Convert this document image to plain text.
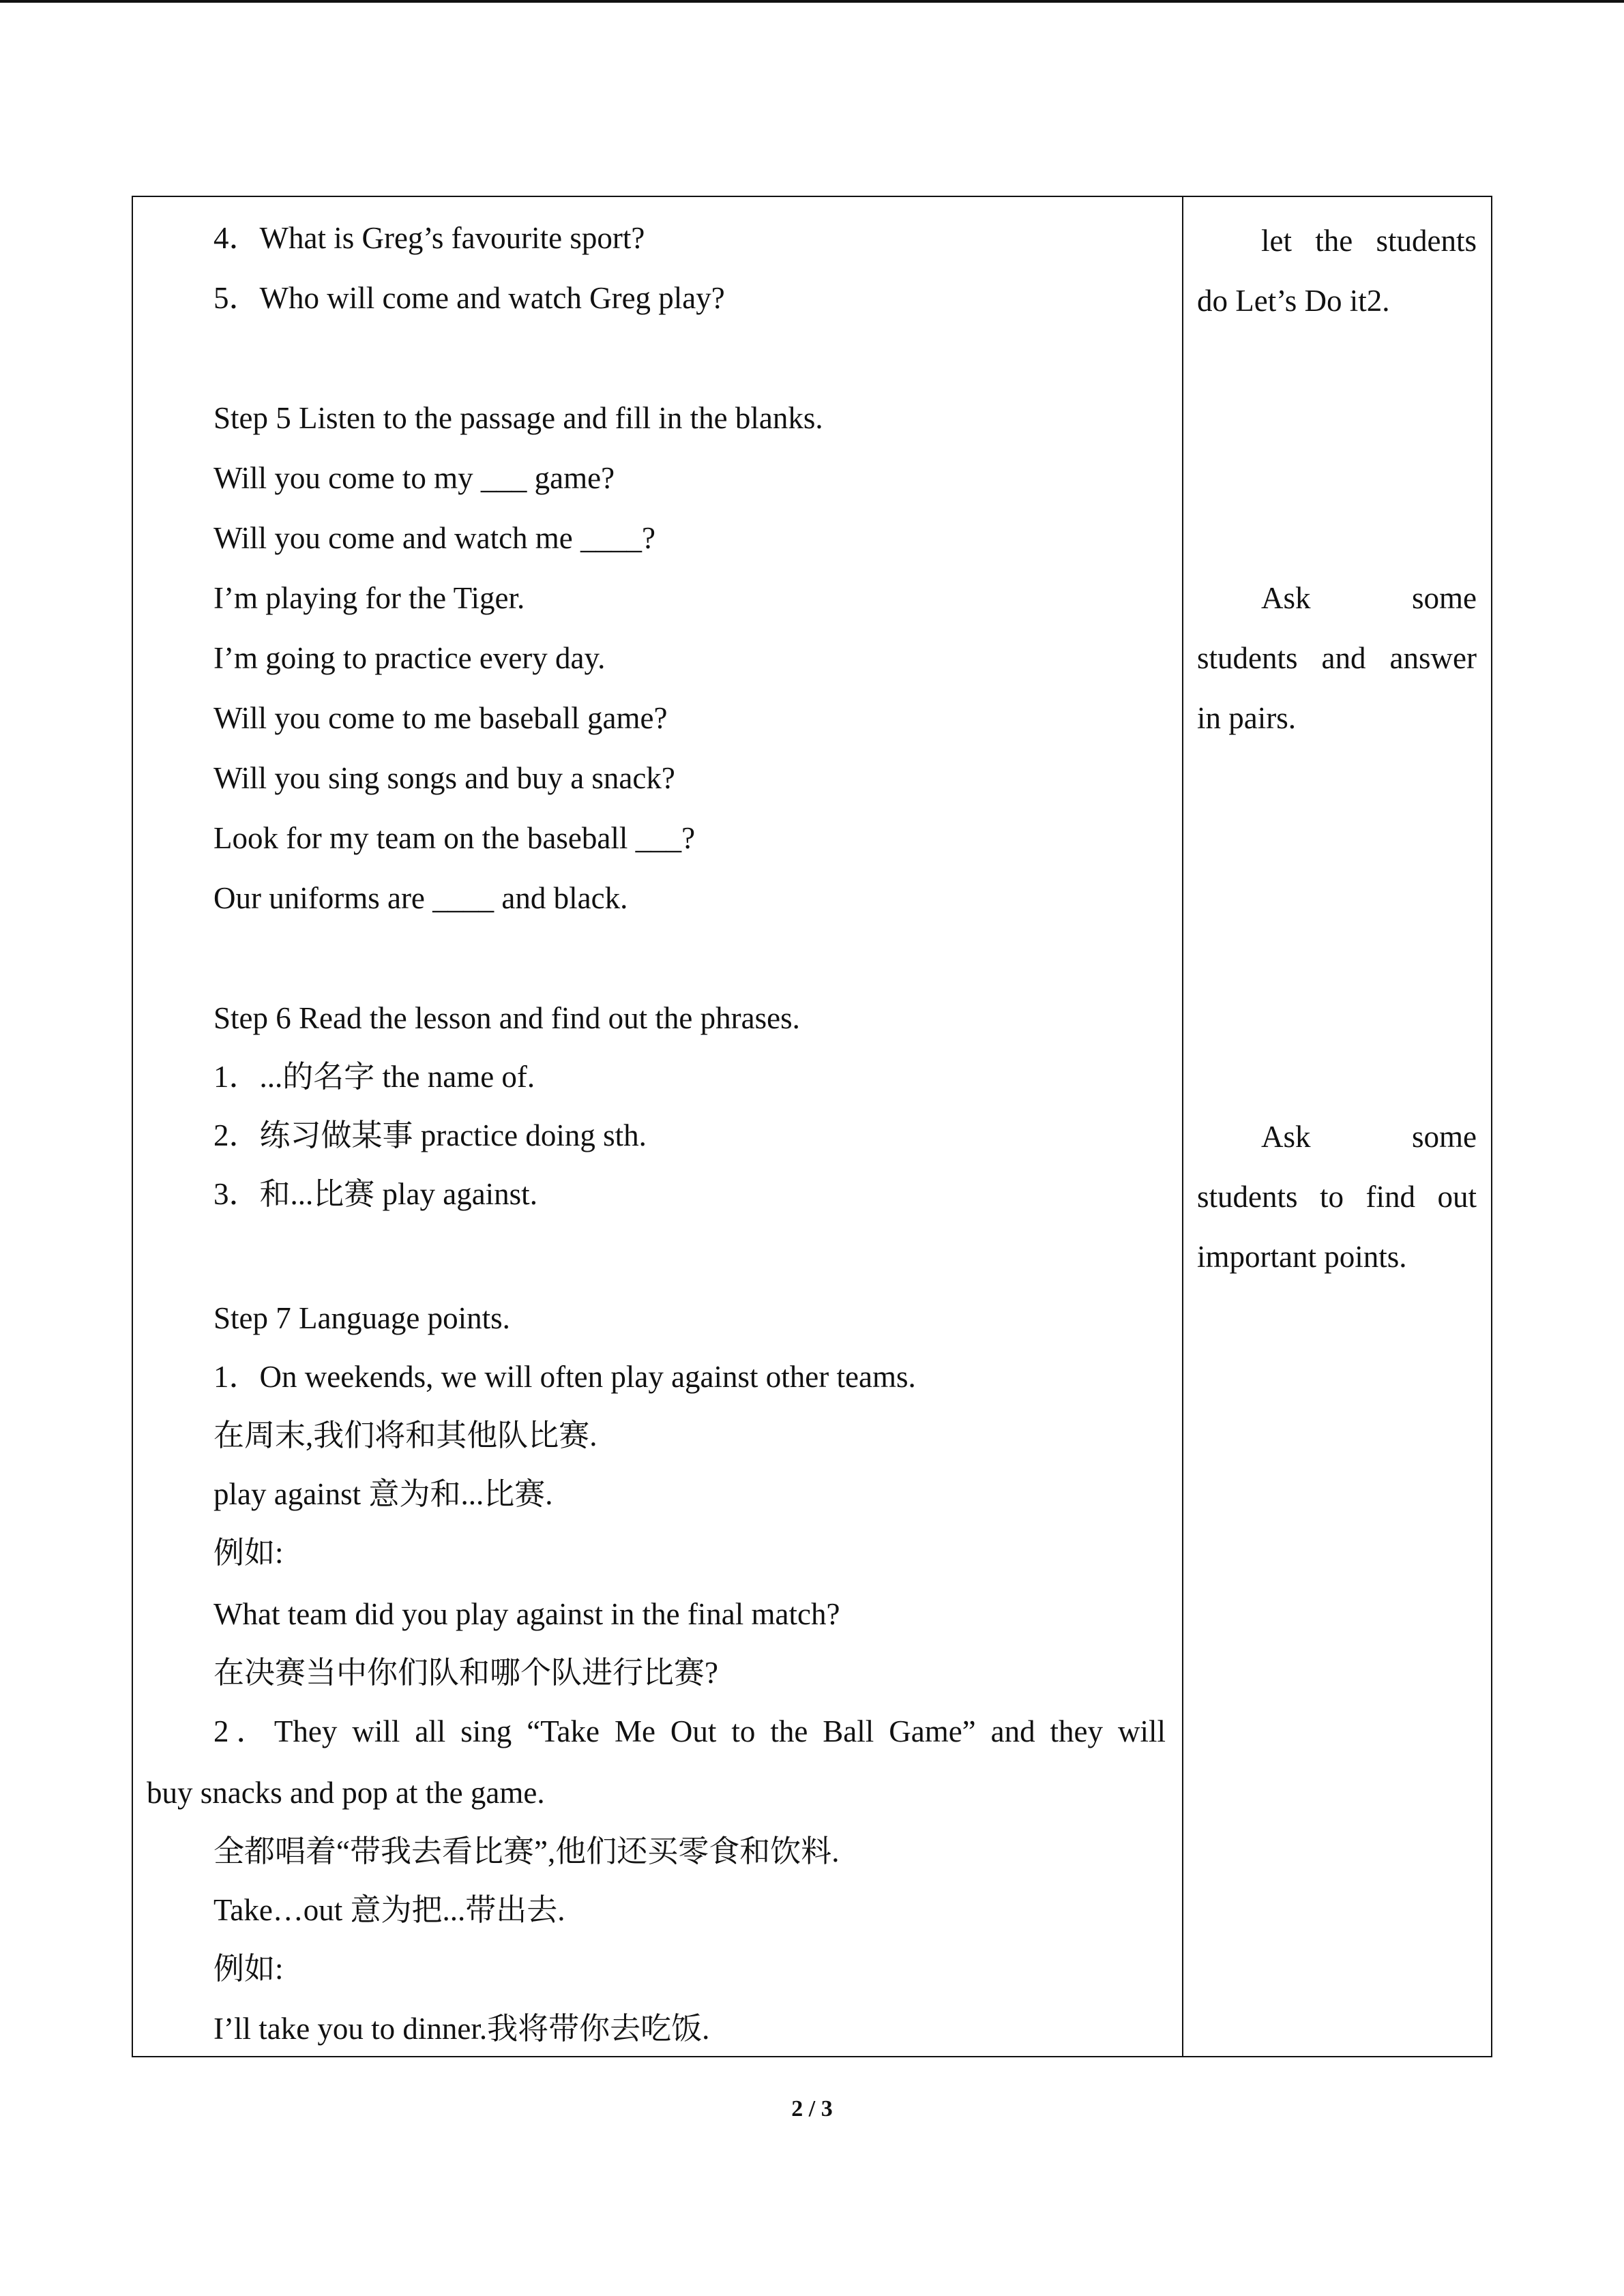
4．What is Greg’s favourite sport?
5．Who will come and watch Greg play?
Step 5 Listen to the passage and fill in the blanks.
Will you come to my ___ game?
Will you come and watch me ____?
I’m playing for the Tiger.
I’m going to practice every day.
Will you come to me baseball game?
Will you sing songs and buy a snack?
Look for my team on the baseball ___?
Our uniforms are ____ and black.
Step 6 Read the lesson and find out the phrases.
1．...的名字 the name of.
2．练习做某事 practice doing sth.
3．和...比赛 play against.
Step 7 Language points.
1．On weekends, we will often play against other teams.
在周末,我们将和其他队比赛.
play against 意为和...比赛.
例如:
What team did you play against in the final match?
在决赛当中你们队和哪个队进行比赛?
2．They will all sing “Take Me Out to the Ball Game” and they will
buy snacks and pop at the game.
全都唱着“带我去看比赛”,他们还买零食和饮料.
Take…out 意为把...带出去.
例如:
I’ll take you to dinner.我将带你去吃饭.
let the students
do Let’s Do it2.
Ask some
students and answer
in pairs.
Ask some
students to find out
important points.
2 / 3
